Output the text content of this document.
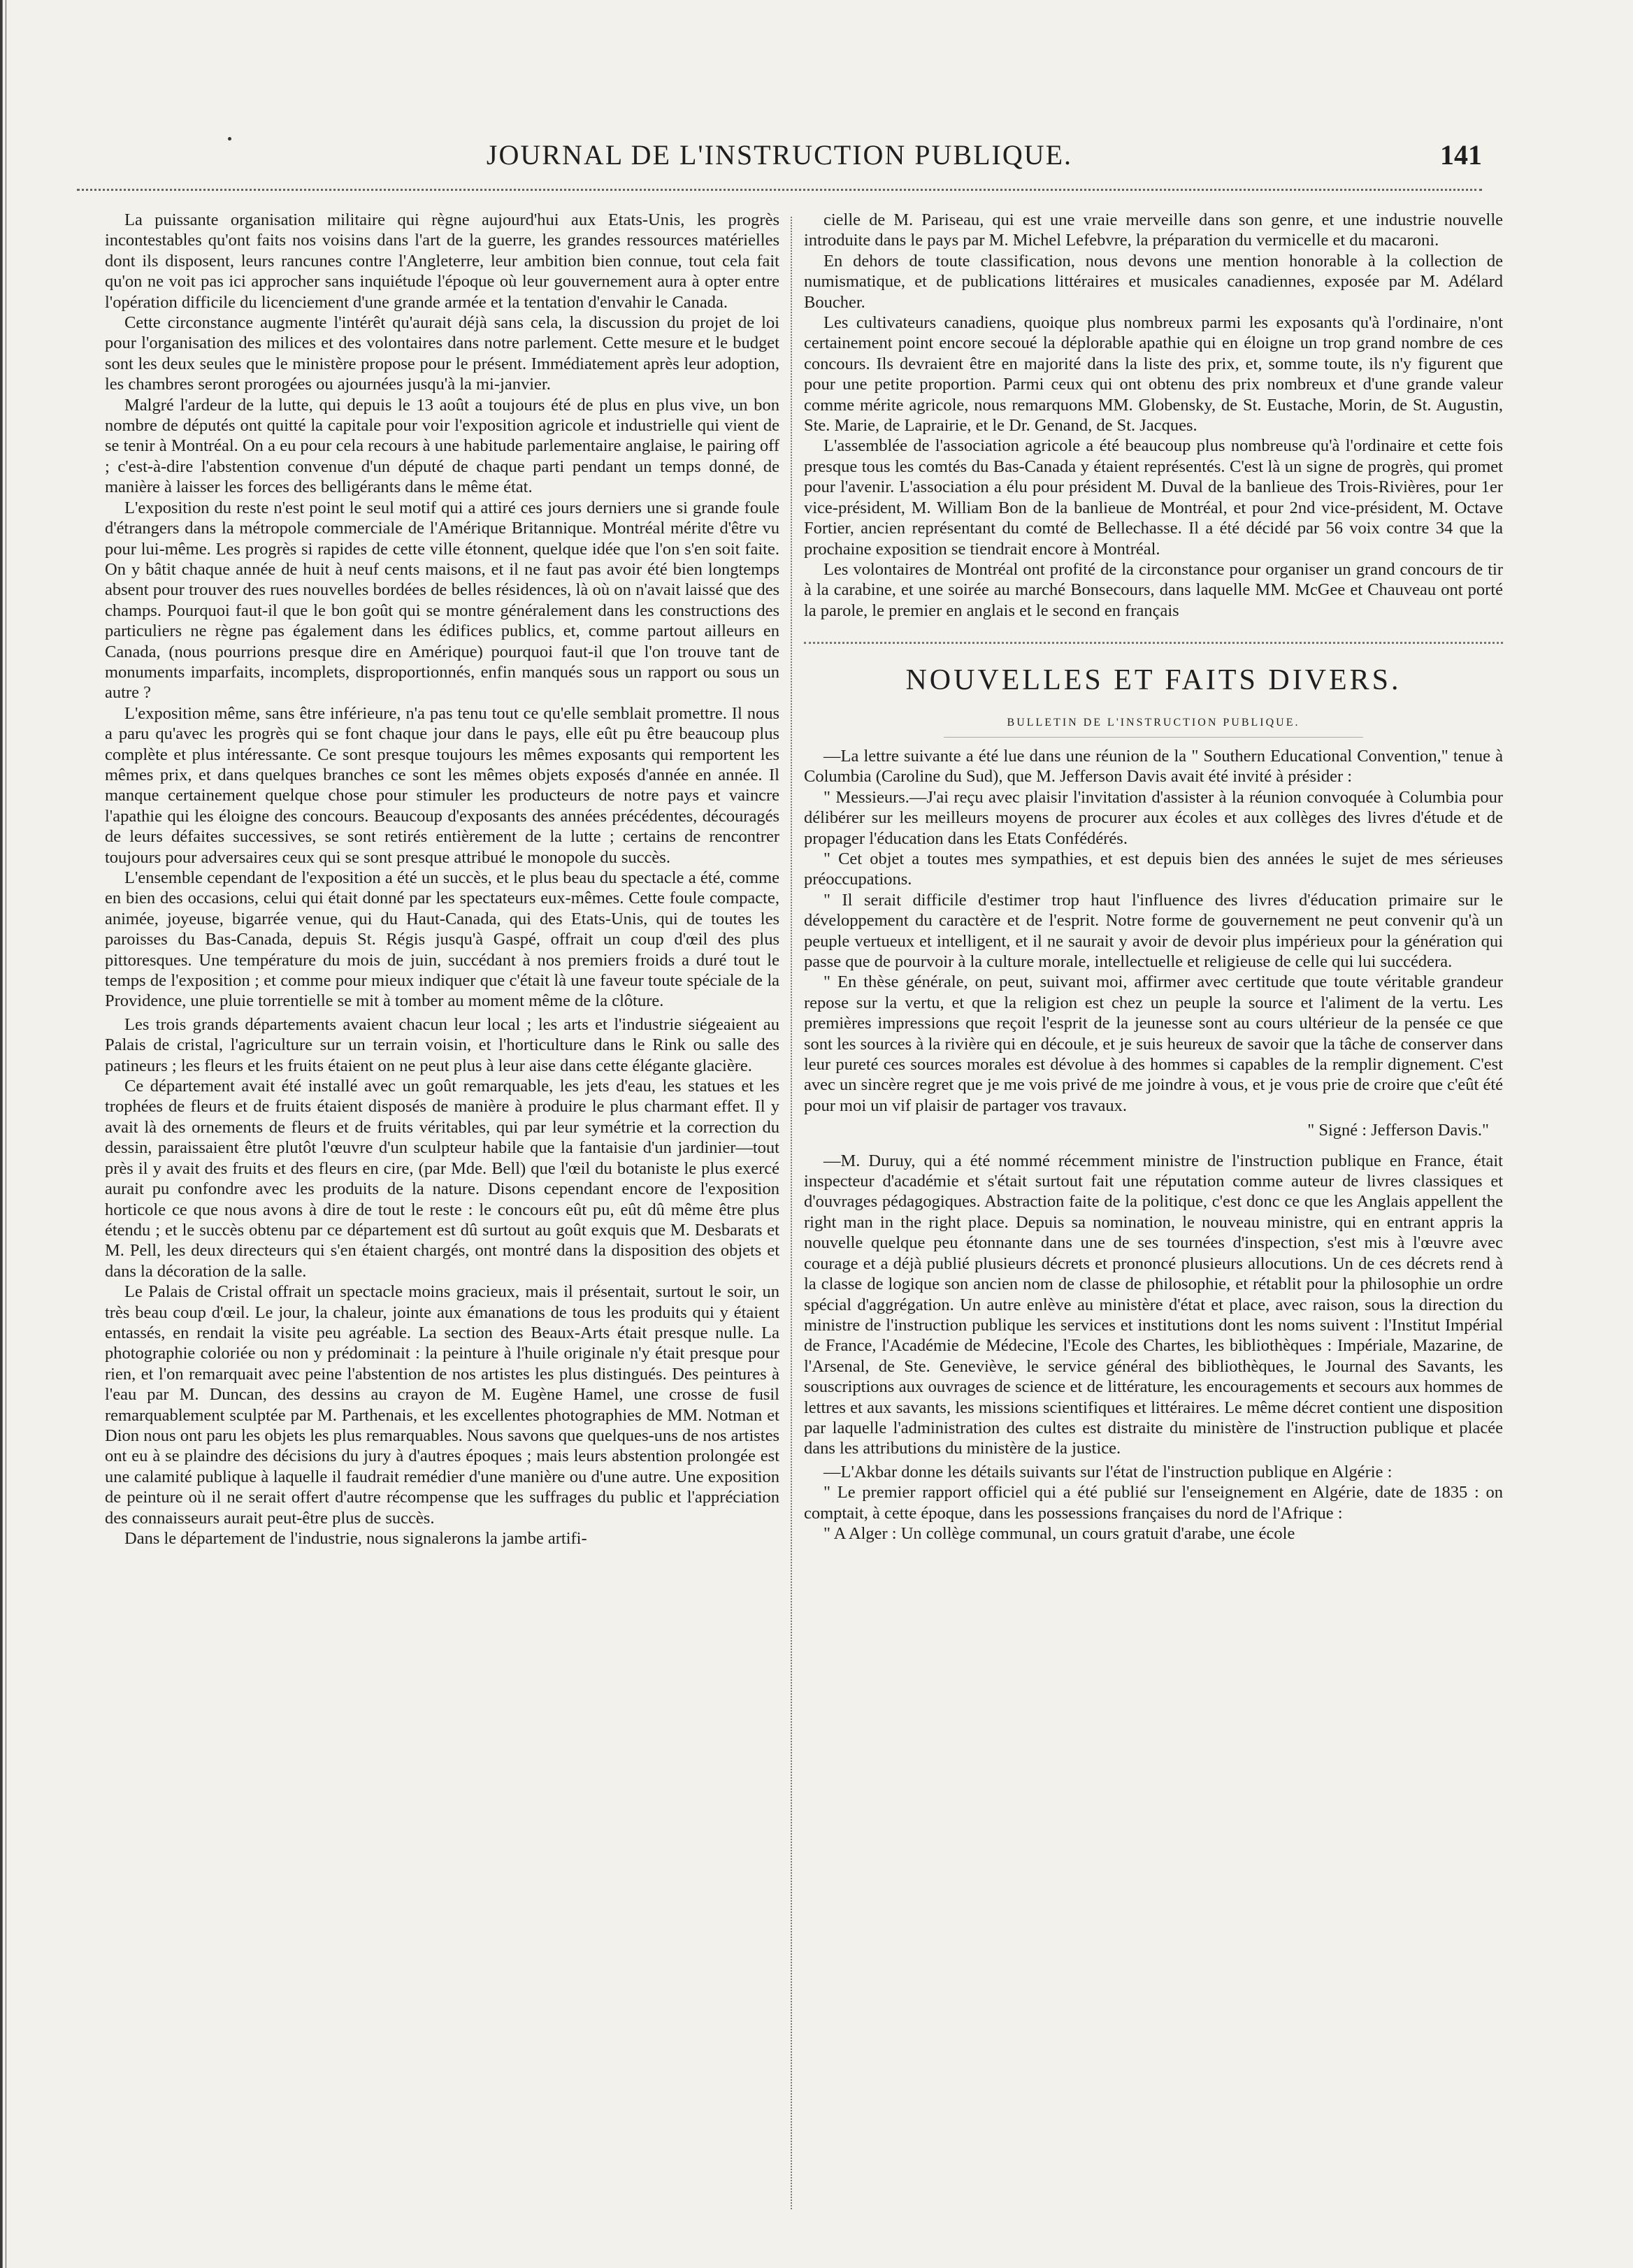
JOURNAL DE L'INSTRUCTION PUBLIQUE.	141

La puissante organisation militaire qui règne aujourd'hui aux Etats-Unis, les progrès incontestables qu'ont faits nos voisins dans l'art de la guerre, les grandes ressources matérielles dont ils disposent, leurs rancunes contre l'Angleterre, leur ambition bien connue, tout cela fait qu'on ne voit pas ici approcher sans inquiétude l'époque où leur gouvernement aura à opter entre l'opération difficile du licenciement d'une grande armée et la tentation d'envahir le Canada.

Cette circonstance augmente l'intérêt qu'aurait déjà sans cela, la discussion du projet de loi pour l'organisation des milices et des volontaires dans notre parlement. Cette mesure et le budget sont les deux seules que le ministère propose pour le présent. Immédiatement après leur adoption, les chambres seront prorogées ou ajournées jusqu'à la mi-janvier.

Malgré l'ardeur de la lutte, qui depuis le 13 août a toujours été de plus en plus vive, un bon nombre de députés ont quitté la capitale pour voir l'exposition agricole et industrielle qui vient de se tenir à Montréal. On a eu pour cela recours à une habitude parlementaire anglaise, le pairing off ; c'est-à-dire l'abstention convenue d'un député de chaque parti pendant un temps donné, de manière à laisser les forces des belligérants dans le même état.

L'exposition du reste n'est point le seul motif qui a attiré ces jours derniers une si grande foule d'étrangers dans la métropole commerciale de l'Amérique Britannique. Montréal mérite d'être vu pour lui-même. Les progrès si rapides de cette ville étonnent, quelque idée que l'on s'en soit faite. On y bâtit chaque année de huit à neuf cents maisons, et il ne faut pas avoir été bien longtemps absent pour trouver des rues nouvelles bordées de belles résidences, là où on n'avait laissé que des champs. Pourquoi faut-il que le bon goût qui se montre généralement dans les constructions des particuliers ne règne pas également dans les édifices publics, et, comme partout ailleurs en Canada, (nous pourrions presque dire en Amérique) pourquoi faut-il que l'on trouve tant de monuments imparfaits, incomplets, disproportionnés, enfin manqués sous un rapport ou sous un autre ?

L'exposition même, sans être inférieure, n'a pas tenu tout ce qu'elle semblait promettre. Il nous a paru qu'avec les progrès qui se font chaque jour dans le pays, elle eût pu être beaucoup plus complète et plus intéressante. Ce sont presque toujours les mêmes exposants qui remportent les mêmes prix, et dans quelques branches ce sont les mêmes objets exposés d'année en année. Il manque certainement quelque chose pour stimuler les producteurs de notre pays et vaincre l'apathie qui les éloigne des concours. Beaucoup d'exposants des années précédentes, découragés de leurs défaites successives, se sont retirés entièrement de la lutte ; certains de rencontrer toujours pour adversaires ceux qui se sont presque attribué le monopole du succès.

L'ensemble cependant de l'exposition a été un succès, et le plus beau du spectacle a été, comme en bien des occasions, celui qui était donné par les spectateurs eux-mêmes. Cette foule compacte, animée, joyeuse, bigarrée venue, qui du Haut-Canada, qui des Etats-Unis, qui de toutes les paroisses du Bas-Canada, depuis St. Régis jusqu'à Gaspé, offrait un coup d'œil des plus pittoresques. Une température du mois de juin, succédant à nos premiers froids a duré tout le temps de l'exposition ; et comme pour mieux indiquer que c'était là une faveur toute spéciale de la Providence, une pluie torrentielle se mit à tomber au moment même de la clôture.

Les trois grands départements avaient chacun leur local ; les arts et l'industrie siégeaient au Palais de cristal, l'agriculture sur un terrain voisin, et l'horticulture dans le Rink ou salle des patineurs ; les fleurs et les fruits étaient on ne peut plus à leur aise dans cette élégante glacière.

Ce département avait été installé avec un goût remarquable, les jets d'eau, les statues et les trophées de fleurs et de fruits étaient disposés de manière à produire le plus charmant effet. Il y avait là des ornements de fleurs et de fruits véritables, qui par leur symétrie et la correction du dessin, paraissaient être plutôt l'œuvre d'un sculpteur habile que la fantaisie d'un jardinier—tout près il y avait des fruits et des fleurs en cire, (par Mde. Bell) que l'œil du botaniste le plus exercé aurait pu confondre avec les produits de la nature. Disons cependant encore de l'exposition horticole ce que nous avons à dire de tout le reste : le concours eût pu, eût dû même être plus étendu ; et le succès obtenu par ce département est dû surtout au goût exquis que M. Desbarats et M. Pell, les deux directeurs qui s'en étaient chargés, ont montré dans la disposition des objets et dans la décoration de la salle.

Le Palais de Cristal offrait un spectacle moins gracieux, mais il présentait, surtout le soir, un très beau coup d'œil. Le jour, la chaleur, jointe aux émanations de tous les produits qui y étaient entassés, en rendait la visite peu agréable. La section des Beaux-Arts était presque nulle. La photographie coloriée ou non y prédominait : la peinture à l'huile originale n'y était presque pour rien, et l'on remarquait avec peine l'abstention de nos artistes les plus distingués. Des peintures à l'eau par M. Duncan, des dessins au crayon de M. Eugène Hamel, une crosse de fusil remarquablement sculptée par M. Parthenais, et les excellentes photographies de MM. Notman et Dion nous ont paru les objets les plus remarquables. Nous savons que quelques-uns de nos artistes ont eu à se plaindre des décisions du jury à d'autres époques ; mais leurs abstention prolongée est une calamité publique à laquelle il faudrait remédier d'une manière ou d'une autre. Une exposition de peinture où il ne serait offert d'autre récompense que les suffrages du public et l'appréciation des connaisseurs aurait peut-être plus de succès.

Dans le département de l'industrie, nous signalerons la jambe artifi-

cielle de M. Pariseau, qui est une vraie merveille dans son genre, et une industrie nouvelle introduite dans le pays par M. Michel Lefebvre, la préparation du vermicelle et du macaroni.

En dehors de toute classification, nous devons une mention honorable à la collection de numismatique, et de publications littéraires et musicales canadiennes, exposée par M. Adélard Boucher.

Les cultivateurs canadiens, quoique plus nombreux parmi les exposants qu'à l'ordinaire, n'ont certainement point encore secoué la déplorable apathie qui en éloigne un trop grand nombre de ces concours. Ils devraient être en majorité dans la liste des prix, et, somme toute, ils n'y figurent que pour une petite proportion. Parmi ceux qui ont obtenu des prix nombreux et d'une grande valeur comme mérite agricole, nous remarquons MM. Globensky, de St. Eustache, Morin, de St. Augustin, Ste. Marie, de Laprairie, et le Dr. Genand, de St. Jacques.

L'assemblée de l'association agricole a été beaucoup plus nombreuse qu'à l'ordinaire et cette fois presque tous les comtés du Bas-Canada y étaient représentés. C'est là un signe de progrès, qui promet pour l'avenir. L'association a élu pour président M. Duval de la banlieue des Trois-Rivières, pour 1er vice-président, M. William Bon de la banlieue de Montréal, et pour 2nd vice-président, M. Octave Fortier, ancien représentant du comté de Bellechasse. Il a été décidé par 56 voix contre 34 que la prochaine exposition se tiendrait encore à Montréal.

Les volontaires de Montréal ont profité de la circonstance pour organiser un grand concours de tir à la carabine, et une soirée au marché Bonsecours, dans laquelle MM. McGee et Chauveau ont porté la parole, le premier en anglais et le second en français

NOUVELLES ET FAITS DIVERS.
BULLETIN DE L'INSTRUCTION PUBLIQUE.

—La lettre suivante a été lue dans une réunion de la " Southern Educational Convention," tenue à Columbia (Caroline du Sud), que M. Jefferson Davis avait été invité à présider :

" Messieurs.—J'ai reçu avec plaisir l'invitation d'assister à la réunion convoquée à Columbia pour délibérer sur les meilleurs moyens de procurer aux écoles et aux collèges des livres d'étude et de propager l'éducation dans les Etats Confédérés.

" Cet objet a toutes mes sympathies, et est depuis bien des années le sujet de mes sérieuses préoccupations.

" Il serait difficile d'estimer trop haut l'influence des livres d'éducation primaire sur le développement du caractère et de l'esprit. Notre forme de gouvernement ne peut convenir qu'à un peuple vertueux et intelligent, et il ne saurait y avoir de devoir plus impérieux pour la génération qui passe que de pourvoir à la culture morale, intellectuelle et religieuse de celle qui lui succédera.

" En thèse générale, on peut, suivant moi, affirmer avec certitude que toute véritable grandeur repose sur la vertu, et que la religion est chez un peuple la source et l'aliment de la vertu. Les premières impressions que reçoit l'esprit de la jeunesse sont au cours ultérieur de la pensée ce que sont les sources à la rivière qui en découle, et je suis heureux de savoir que la tâche de conserver dans leur pureté ces sources morales est dévolue à des hommes si capables de la remplir dignement. C'est avec un sincère regret que je me vois privé de me joindre à vous, et je vous prie de croire que c'eût été pour moi un vif plaisir de partager vos travaux.

" Signé : Jefferson Davis."

—M. Duruy, qui a été nommé récemment ministre de l'instruction publique en France, était inspecteur d'académie et s'était surtout fait une réputation comme auteur de livres classiques et d'ouvrages pédagogiques. Abstraction faite de la politique, c'est donc ce que les Anglais appellent the right man in the right place. Depuis sa nomination, le nouveau ministre, qui en entrant appris la nouvelle quelque peu étonnante dans une de ses tournées d'inspection, s'est mis à l'œuvre avec courage et a déjà publié plusieurs décrets et prononcé plusieurs allocutions. Un de ces décrets rend à la classe de logique son ancien nom de classe de philosophie, et rétablit pour la philosophie un ordre spécial d'aggrégation. Un autre enlève au ministère d'état et place, avec raison, sous la direction du ministre de l'instruction publique les services et institutions dont les noms suivent : l'Institut Impérial de France, l'Académie de Médecine, l'Ecole des Chartes, les bibliothèques : Impériale, Mazarine, de l'Arsenal, de Ste. Geneviève, le service général des bibliothèques, le Journal des Savants, les souscriptions aux ouvrages de science et de littérature, les encouragements et secours aux hommes de lettres et aux savants, les missions scientifiques et littéraires. Le même décret contient une disposition par laquelle l'administration des cultes est distraite du ministère de l'instruction publique et placée dans les attributions du ministère de la justice.

—L'Akbar donne les détails suivants sur l'état de l'instruction publique en Algérie :

" Le premier rapport officiel qui a été publié sur l'enseignement en Algérie, date de 1835 : on comptait, à cette époque, dans les possessions françaises du nord de l'Afrique :

" A Alger : Un collège communal, un cours gratuit d'arabe, une école
